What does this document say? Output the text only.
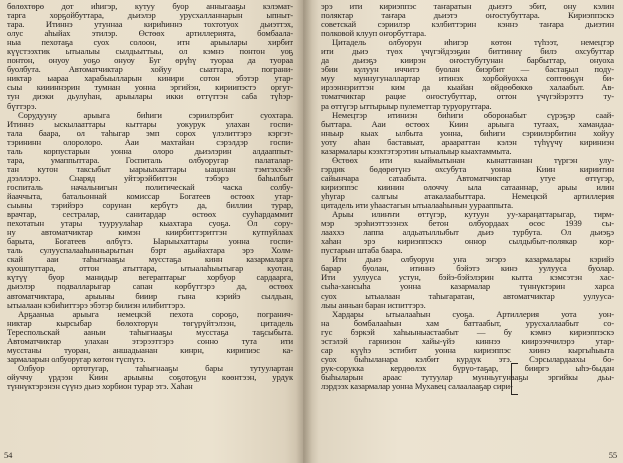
бөлөхтөрө дот иһигэр, кутуу буор анныгааҕы кэлэмат-
тарга хорҕойбуттара, дьиэлэр урусхалланнарын ыпныт-
тара. Итиннэ утуннаа кириһиннэ тохтотуох дьиэттэх,
олус аһыйах этилэр. Өстөөх артиллерията, бомбаала-
ныа пехотаҕа суох солоон, итн арыылары хирбит
күүстээхтик ытыалыы сылдьыттыы, ол кэмнэ понтон уоҕ
понтон, онуоу уоҕо онуоу Буг өрүһү туораа да туораа
буолбута. Автоматчиктар хойуу сыаттара, пограни-
никтар ыараа харабыылларын кинири сотон эбэтэр утар-
сыы киииннэрин тумнан уонна эргийэн, кириипэстэ оргут-
тун диэки дьулуһан, арыылары икки өттүттэн саба түһэр-
бүттэрэ.
Сорудууну арыыга биһиги сэриилэрбит суохтара.
Итиннэ ыскылааттары кыттары уокурук улахан госпи-
тала баара, ол таһыгар эмп сорох үлэлиттэрэ кэргэт-
тэрининн олоролоро. Ааи махтайан сэрэлдэр госпи-
таль корпустарын уонна олоро дьиэлэрин алдааппыт-
тара, умаппыттара. Госпиталь олбуоругар палаталар-
тан кутон таксыбыт ыарыыхааттары ыацилан тэмтэххэй-
дээллэрэ. Снаряд уйтэрэйбиттэн тэбэрэ баһылбыт
госпиталь начальнигын политическай часка солбу-
йааччыта, батальоннай комиссар Богатеев өстөөх утар-
сыыны тэрийэрэ сорунан кербүтэ да, биллии турар,
врачтар, сестралар, санитардар өстөөх сууһардаммит
пехотатын утары тууруулаһар кыахтара суоҕа. Ол сору-
ну автоматчиктар кимэн киирбиттэриттэн кутпуйлаах
барыта, Богатеев өлбүтэ. Ыарыыхаттары уонна госпи-
таль сулууспалааһынньарытын бэрт аҕыйахтара эрэ Холм-
скай ааи таһыгнааҕы мусстаҕа кинн казармаларга
куошпуттара, оттон атыттара, ытыалаһыытыгар куотан,
күтүү буор манидыр вегераптарыг хорбуор сардаарга,
дьиэлэр подвалларыгар сапан көрбүттэрэ да, өстөөх
автоматчиктара, арыыны бииир гына кэрийэ сылдьан,
ытыалаан кэбиһиттэрэ эбэтэр билиэн илибиттэрэ.
Арҕааныа арыыга немецкэй пехота сороҕо, погранич-
никтар кырсыбар бөлөхтөрүн төгүрүйтэлээн, цитадель
Тереспольскай ааныи таһыгнааҕы мусстаҕа таҕсыбыта.
Автоматчиктар улахан этэрээттэрэ сонно тута ити
мусстаны туоран, аншадыанан кинрн, кирипиэс ка-
зармаларын олбуоругар көтөн түспүтэ.
Олбуор ортотугар, таһыгнааҕы бары тутуулартан
ойуччу үрдээн Киин арыыны соҕотоҕун көөнтээн, урдук
түннүктэрэнэн сүүнэ дьиэ хорбион турар этэ. Хаһан
54
эрэ ити кириэппэс таҥаратын дьиэтэ эбит, ону кэлин
поляктар таҥара дьиэтэ оҥостубуттара. Кириэппэскэ
советскай сэриилэр кэлбиттэрин кэннэ таҥара дьиэтин
полковой клууп оҥорбуттара.
Цитадель олбуорун иһигэр көтөн түһээт, немецтэр
ити дьиэ түөх үчүгэйдээҕин биттиннү билэ охсубуттар
да дьиэҕэ киирэн оҥостубутунан барбыттар, онуоха
эбии кулуун иччитэ буолан биэрбит — бастаҕыл поду-
муу муннугуналлартар итинэх хорбойуохха сөптөөҕүн би-
ирээннэриттэн ким да кыайан өйдөөбөккө халаабыт. Ав-
томатчиктар рацие оҥостубуттар, оттон үчүгэйэрэттэ ту-
ра өттүгэр ыттырыыр пулеметтар туруоруттара.
Немецтэр итиниэн биһиги оборонабыт сүрэҕэр саай-
быттара. Ааи өстөөх Киин арыыга тутаах, хамандаа-
нньыр кыах ылбыта уонна, биһиги сэриилэрбитин хойуу
уоту аһан баставыат, араараттан кэлэн түһүүчү кириниэн
казармалары кээхтэтэрэтин ытыалыыр кыахтаммыта.
Өстөөх ити кыаймытынан кынаттаннан түргэн улу-
гэрдик бөдөрөтүнэ охсубута уонна Киин кириитин
сайынчара сатаабыта. Автоматчиктар утуе өттүгэр,
кириэппэс киинин олоччу ыла сатааннар, арыы илин
уһугар салгыы атакалаабыттара. Немецкэй артиллерия
цитадель ити уһаастагын ытыалааһынын уурааппыта.
Арыы илиҥҥи өттүгэр, кутуун уу-хараңаттарыгар, тирм-
мэр эрэһиэттэээнэх бетон олбуордаах өсөс 1939 сы-
лааххэ лаппа алдьатыллыбыт дьиэ турбута. Ол дьиэҕэ
хаһан эрэ кириэппэскэ оннор сылдыбыт-полякар кор-
пустарын штаба баара.
Ити дьиэ олбуорун уҥа эҥэрэ казармалары кэрийэ
барар буолан, итиннэ бэйэтэ кинэ уулууса буолар.
Ити уулууса устун, бэйэ-бэйэлэрин кытта кэмсэтэн хас-
сыһа-хансыһа уонна казармалар түннүктэрин харса
суох ытыалаан таһыгаратан, автоматчиктар уулууса-
лыы анньан баран испиттэрэ.
Хардары ытыалааһын суоҕа. Артиллерия уота уон-
на бомбалааһын хам баттаабыт, урусхаллаабыт со-
гус бэркэй хаһыыныастаабыт — бу кэмнэ кириэппэскэ
эстэлэй гарнизон хайы-үйэ киннээ киирээччилэрэ утар-
сар күүһэ эстибит уонна кириэппэс хиинэ кыргыһыыта
суох быһыланара кэлбит курдук этэ. Сэрсылардаахы бо-
рук-сорукка кердөөлэх бүрүо-таҕар, бииргэ ыһэ-быдан
быһыларын араас тутуулар мунньугунааҕы эргийкы дьы-
лэрдээх казармалар уонна Мухавец салаалааҕар сири-
55
